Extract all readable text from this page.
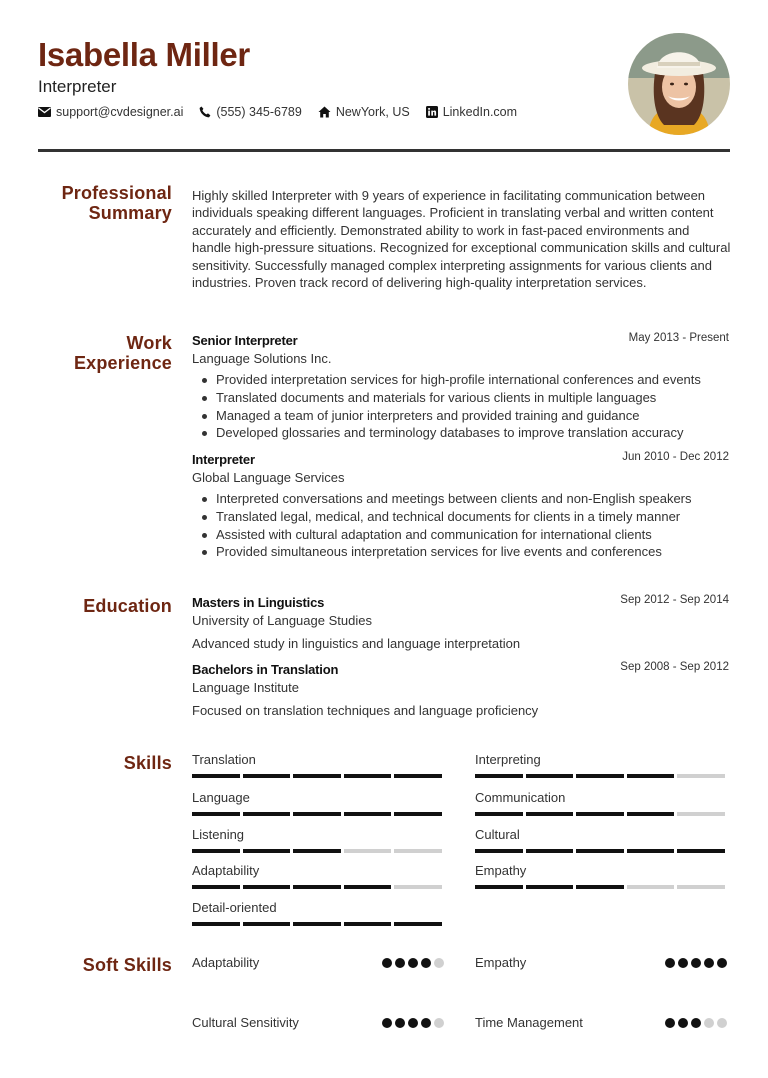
Isabella Miller
Interpreter
support@cvdesigner.ai	(555) 345-6789	NewYork, US	LinkedIn.com
Professional
Summary
Highly skilled Interpreter with 9 years of experience in facilitating communication between individuals speaking different languages. Proficient in translating verbal and written content accurately and efficiently. Demonstrated ability to work in fast-paced environments and handle high-pressure situations. Recognized for exceptional communication skills and cultural sensitivity. Successfully managed complex interpreting assignments for various clients and industries. Proven track record of delivering high-quality interpretation services.
Work
Experience
Senior Interpreter	May 2013 - Present
Language Solutions Inc.
Provided interpretation services for high-profile international conferences and events
Translated documents and materials for various clients in multiple languages
Managed a team of junior interpreters and provided training and guidance
Developed glossaries and terminology databases to improve translation accuracy
Interpreter	Jun 2010 - Dec 2012
Global Language Services
Interpreted conversations and meetings between clients and non-English speakers
Translated legal, medical, and technical documents for clients in a timely manner
Assisted with cultural adaptation and communication for international clients
Provided simultaneous interpretation services for live events and conferences
Education Masters in Linguistics	Sep 2012 - Sep 2014
University of Language Studies
Advanced study in linguistics and language interpretation
Bachelors in Translation	Sep 2008 - Sep 2012
Language Institute
Focused on translation techniques and language proficiency
Skills Translation	Interpreting
Language	Communication
Listening	Cultural
Adaptability	Empathy
Detail-oriented
Soft Skills Adaptability	Empathy
Cultural Sensitivity	Time Management
